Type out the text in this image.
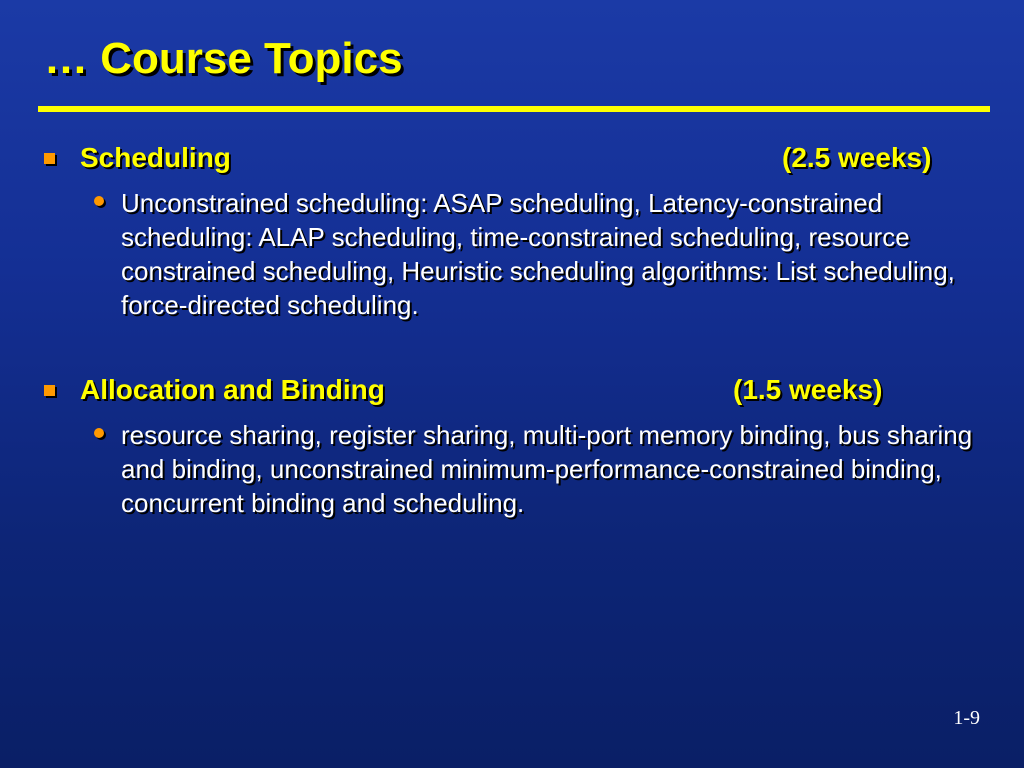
… Course Topics
Scheduling	(2.5 weeks)

Unconstrained scheduling: ASAP scheduling, Latency-constrained scheduling: ALAP scheduling, time-constrained scheduling, resource constrained scheduling, Heuristic scheduling algorithms: List scheduling, force-directed scheduling.

Allocation and Binding	(1.5 weeks)

resource sharing, register sharing, multi-port memory binding, bus sharing and binding, unconstrained minimum-performance-constrained binding, concurrent binding and scheduling.

1-9
